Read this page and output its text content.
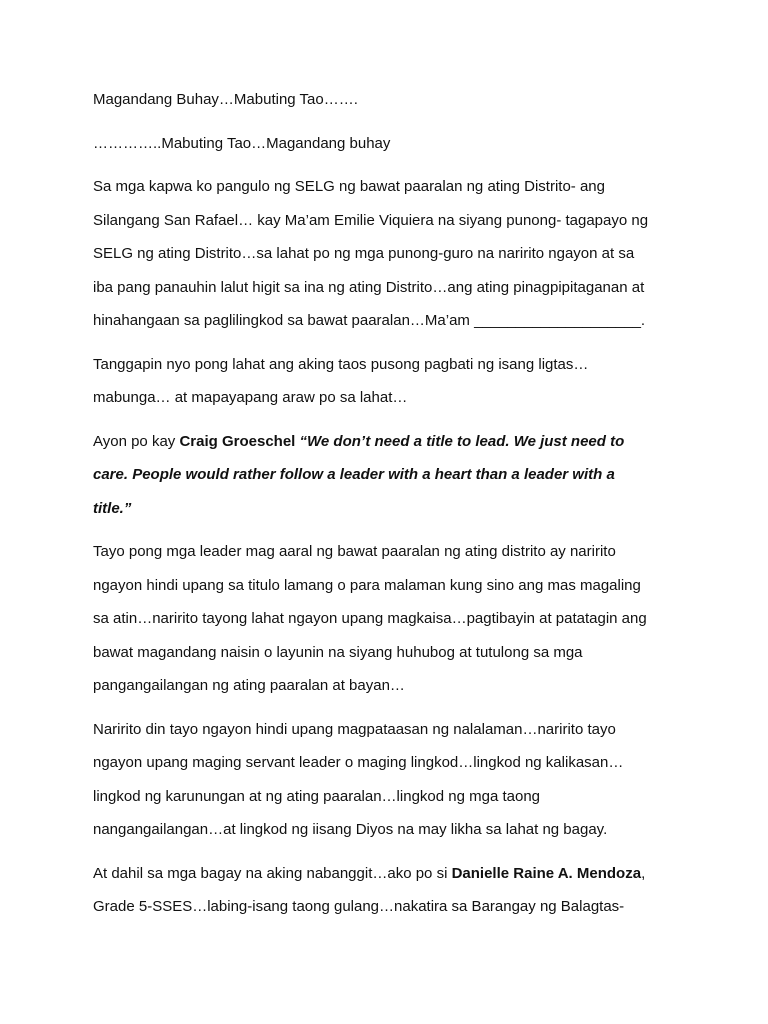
Magandang Buhay…Mabuting Tao…….

…………..Mabuting Tao…Magandang buhay

Sa mga kapwa ko pangulo ng SELG ng bawat paaralan ng ating Distrito- ang
Silangang San Rafael… kay Ma’am Emilie Viquiera na siyang punong- tagapayo ng
SELG ng ating Distrito…sa lahat po ng mga punong-guro na naririto ngayon at sa
iba pang panauhin lalut higit sa ina ng ating Distrito…ang ating pinagpipitaganan at
hinahangaan sa paglilingkod sa bawat paaralan…Ma’am ____________________.

Tanggapin nyo pong lahat ang aking taos pusong pagbati ng isang ligtas…
mabunga… at mapayapang araw po sa lahat…

Ayon po kay Craig Groeschel “We don’t need a title to lead. We just need to
care. People would rather follow a leader with a heart than a leader with a
title.”

Tayo pong mga leader mag aaral ng bawat paaralan ng ating distrito ay naririto
ngayon hindi upang sa titulo lamang o para malaman kung sino ang mas magaling
sa atin…naririto tayong lahat ngayon upang magkaisa…pagtibayin at patatagin ang
bawat magandang naisin o layunin na siyang huhubog at tutulong sa mga
pangangailangan ng ating paaralan at bayan…

Naririto din tayo ngayon hindi upang magpataasan ng nalalaman…naririto tayo
ngayon upang maging servant leader o maging lingkod…lingkod ng kalikasan…
lingkod ng karunungan at ng ating paaralan…lingkod ng mga taong
nangangailangan…at lingkod ng iisang Diyos na may likha sa lahat ng bagay.

At dahil sa mga bagay na aking nabanggit…ako po si Danielle Raine A. Mendoza,
Grade 5-SSES…labing-isang taong gulang…nakatira sa Barangay ng Balagtas-
